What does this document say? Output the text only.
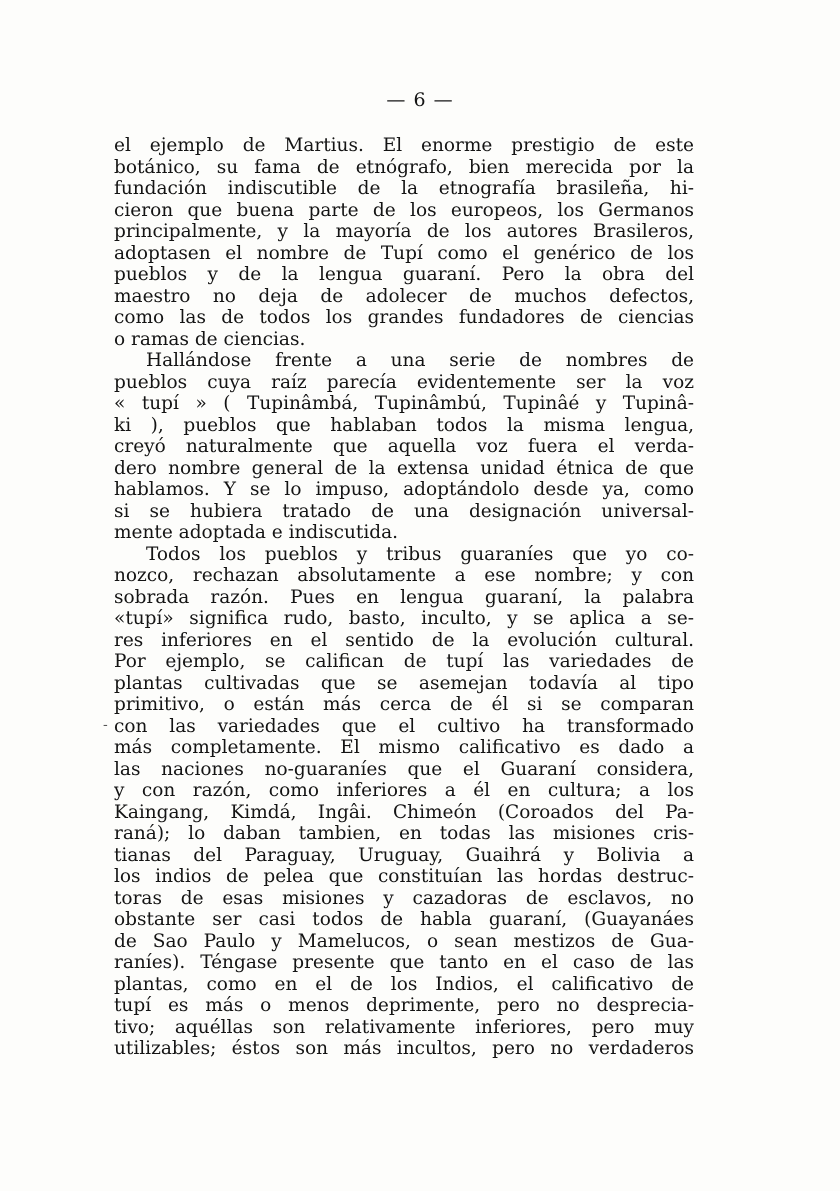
— 6 —
-
el ejemplo de Martius. El enorme prestigio de este
botánico, su fama de etnógrafo, bien merecida por la
fundación indiscutible de la etnografía brasileña, hi-
cieron que buena parte de los europeos, los Germanos
principalmente, y la mayoría de los autores Brasileros,
adoptasen el nombre de Tupí como el genérico de los
pueblos y de la lengua guaraní. Pero la obra del
maestro no deja de adolecer de muchos defectos,
como las de todos los grandes fundadores de ciencias
o ramas de ciencias.
Hallándose frente a una serie de nombres de
pueblos cuya raíz parecía evidentemente ser la voz
« tupí » ( Tupinâmbá, Tupinâmbú, Tupinâé y Tupinâ-
ki ), pueblos que hablaban todos la misma lengua,
creyó naturalmente que aquella voz fuera el verda-
dero nombre general de la extensa unidad étnica de que
hablamos. Y se lo impuso, adoptándolo desde ya, como
si se hubiera tratado de una designación universal-
mente adoptada e indiscutida.
Todos los pueblos y tribus guaraníes que yo co-
nozco, rechazan absolutamente a ese nombre; y con
sobrada razón. Pues en lengua guaraní, la palabra
«tupí» significa rudo, basto, inculto, y se aplica a se-
res inferiores en el sentido de la evolución cultural.
Por ejemplo, se califican de tupí las variedades de
plantas cultivadas que se asemejan todavía al tipo
primitivo, o están más cerca de él si se comparan
con las variedades que el cultivo ha transformado
más completamente. El mismo calificativo es dado a
las naciones no-guaraníes que el Guaraní considera,
y con razón, como inferiores a él en cultura; a los
Kaingang, Kimdá, Ingâi. Chimeón (Coroados del Pa-
raná); lo daban tambien, en todas las misiones cris-
tianas del Paraguay, Uruguay, Guaihrá y Bolivia a
los indios de pelea que constituían las hordas destruc-
toras de esas misiones y cazadoras de esclavos, no
obstante ser casi todos de habla guaraní, (Guayanáes
de Sao Paulo y Mamelucos, o sean mestizos de Gua-
raníes). Téngase presente que tanto en el caso de las
plantas, como en el de los Indios, el calificativo de
tupí es más o menos deprimente, pero no desprecia-
tivo; aquéllas son relativamente inferiores, pero muy
utilizables; éstos son más incultos, pero no verdaderos
